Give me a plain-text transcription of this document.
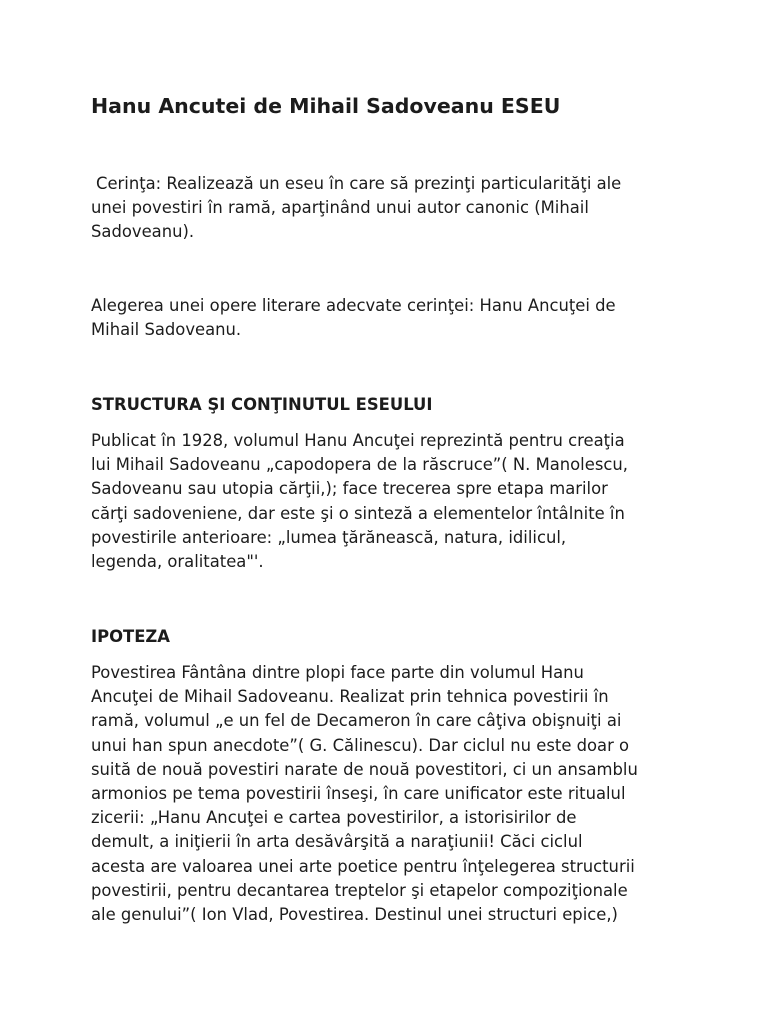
Hanu Ancutei de Mihail Sadoveanu ESEU

Cerinţa: Realizează un eseu în care să prezinţi particularităţi ale
unei povestiri în ramă, aparţinând unui autor canonic (Mihail
Sadoveanu).

Alegerea unei opere literare adecvate cerinţei: Hanu Ancuţei de
Mihail Sadoveanu.

STRUCTURA ŞI CONŢINUTUL ESEULUI

Publicat în 1928, volumul Hanu Ancuţei reprezintă pentru creaţia
lui Mihail Sadoveanu „capodopera de la răscruce”( N. Manolescu,
Sadoveanu sau utopia cărţii,); face trecerea spre etapa marilor
cărţi sadoveniene, dar este şi o sinteză a elementelor întâlnite în
povestirile anterioare: „lumea ţărănească, natura, idilicul,
legenda, oralitatea"'.

IPOTEZA

Povestirea Fântâna dintre plopi face parte din volumul Hanu
Ancuţei de Mihail Sadoveanu. Realizat prin tehnica povestirii în
ramă, volumul „e un fel de Decameron în care câţiva obişnuiţi ai
unui han spun anecdote”( G. Călinescu). Dar ciclul nu este doar o
suită de nouă povestiri narate de nouă povestitori, ci un ansamblu
armonios pe tema povestirii înseşi, în care unificator este ritualul
zicerii: „Hanu Ancuţei e cartea povestirilor, a istorisirilor de
demult, a iniţierii în arta desăvârşită a naraţiunii! Căci ciclul
acesta are valoarea unei arte poetice pentru înţelegerea structurii
povestirii, pentru decantarea treptelor şi etapelor compoziţionale
ale genului”( Ion Vlad, Povestirea. Destinul unei structuri epice,)
